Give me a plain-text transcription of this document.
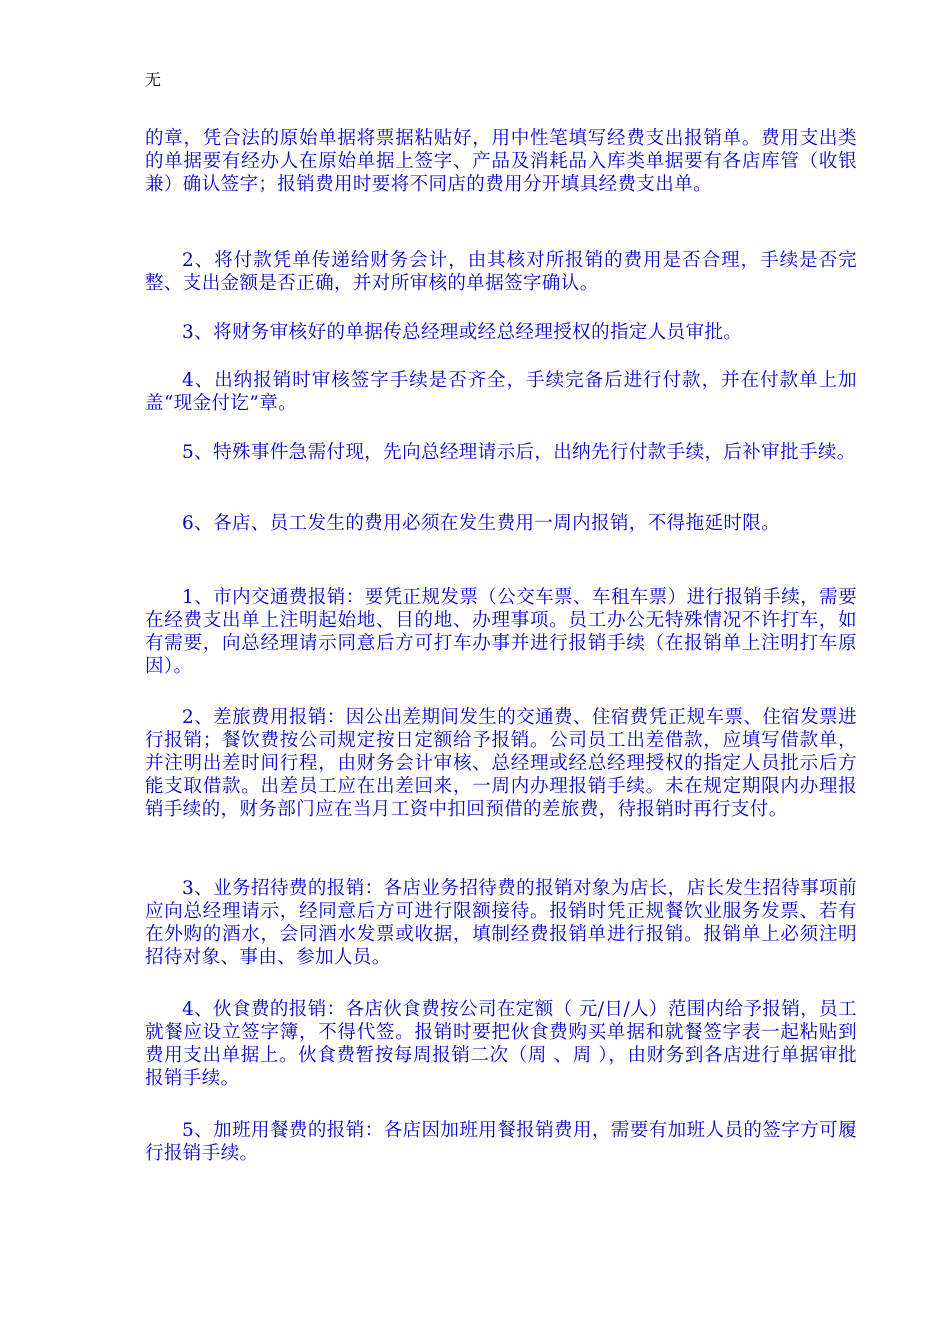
无

的章，凭合法的原始单据将票据粘贴好，用中性笔填写经费支出报销单。费用支出类的单据要有经办人在原始单据上签字、产品及消耗品入库类单据要有各店库管（收银兼）确认签字；报销费用时要将不同店的费用分开填具经费支出单。

2、将付款凭单传递给财务会计，由其核对所报销的费用是否合理，手续是否完整、支出金额是否正确，并对所审核的单据签字确认。

3、将财务审核好的单据传总经理或经总经理授权的指定人员审批。

4、出纳报销时审核签字手续是否齐全，手续完备后进行付款，并在付款单上加盖“现金付讫”章。

5、特殊事件急需付现，先向总经理请示后，出纳先行付款手续，后补审批手续。

6、各店、员工发生的费用必须在发生费用一周内报销，不得拖延时限。

1、市内交通费报销：要凭正规发票（公交车票、车租车票）进行报销手续，需要在经费支出单上注明起始地、目的地、办理事项。员工办公无特殊情况不许打车，如有需要，向总经理请示同意后方可打车办事并进行报销手续（在报销单上注明打车原因）。

2、差旅费用报销：因公出差期间发生的交通费、住宿费凭正规车票、住宿发票进行报销；餐饮费按公司规定按日定额给予报销。公司员工出差借款，应填写借款单，并注明出差时间行程，由财务会计审核、总经理或经总经理授权的指定人员批示后方能支取借款。出差员工应在出差回来，一周内办理报销手续。未在规定期限内办理报销手续的，财务部门应在当月工资中扣回预借的差旅费，待报销时再行支付。

3、业务招待费的报销：各店业务招待费的报销对象为店长，店长发生招待事项前应向总经理请示，经同意后方可进行限额接待。报销时凭正规餐饮业服务发票、若有在外购的酒水，会同酒水发票或收据，填制经费报销单进行报销。报销单上必须注明招待对象、事由、参加人员。

4、伙食费的报销：各店伙食费按公司在定额（ 元/日/人）范围内给予报销，员工就餐应设立签字簿，不得代签。报销时要把伙食费购买单据和就餐签字表一起粘贴到费用支出单据上。伙食费暂按每周报销二次（周 、周 ），由财务到各店进行单据审批报销手续。

5、加班用餐费的报销：各店因加班用餐报销费用，需要有加班人员的签字方可履行报销手续。
